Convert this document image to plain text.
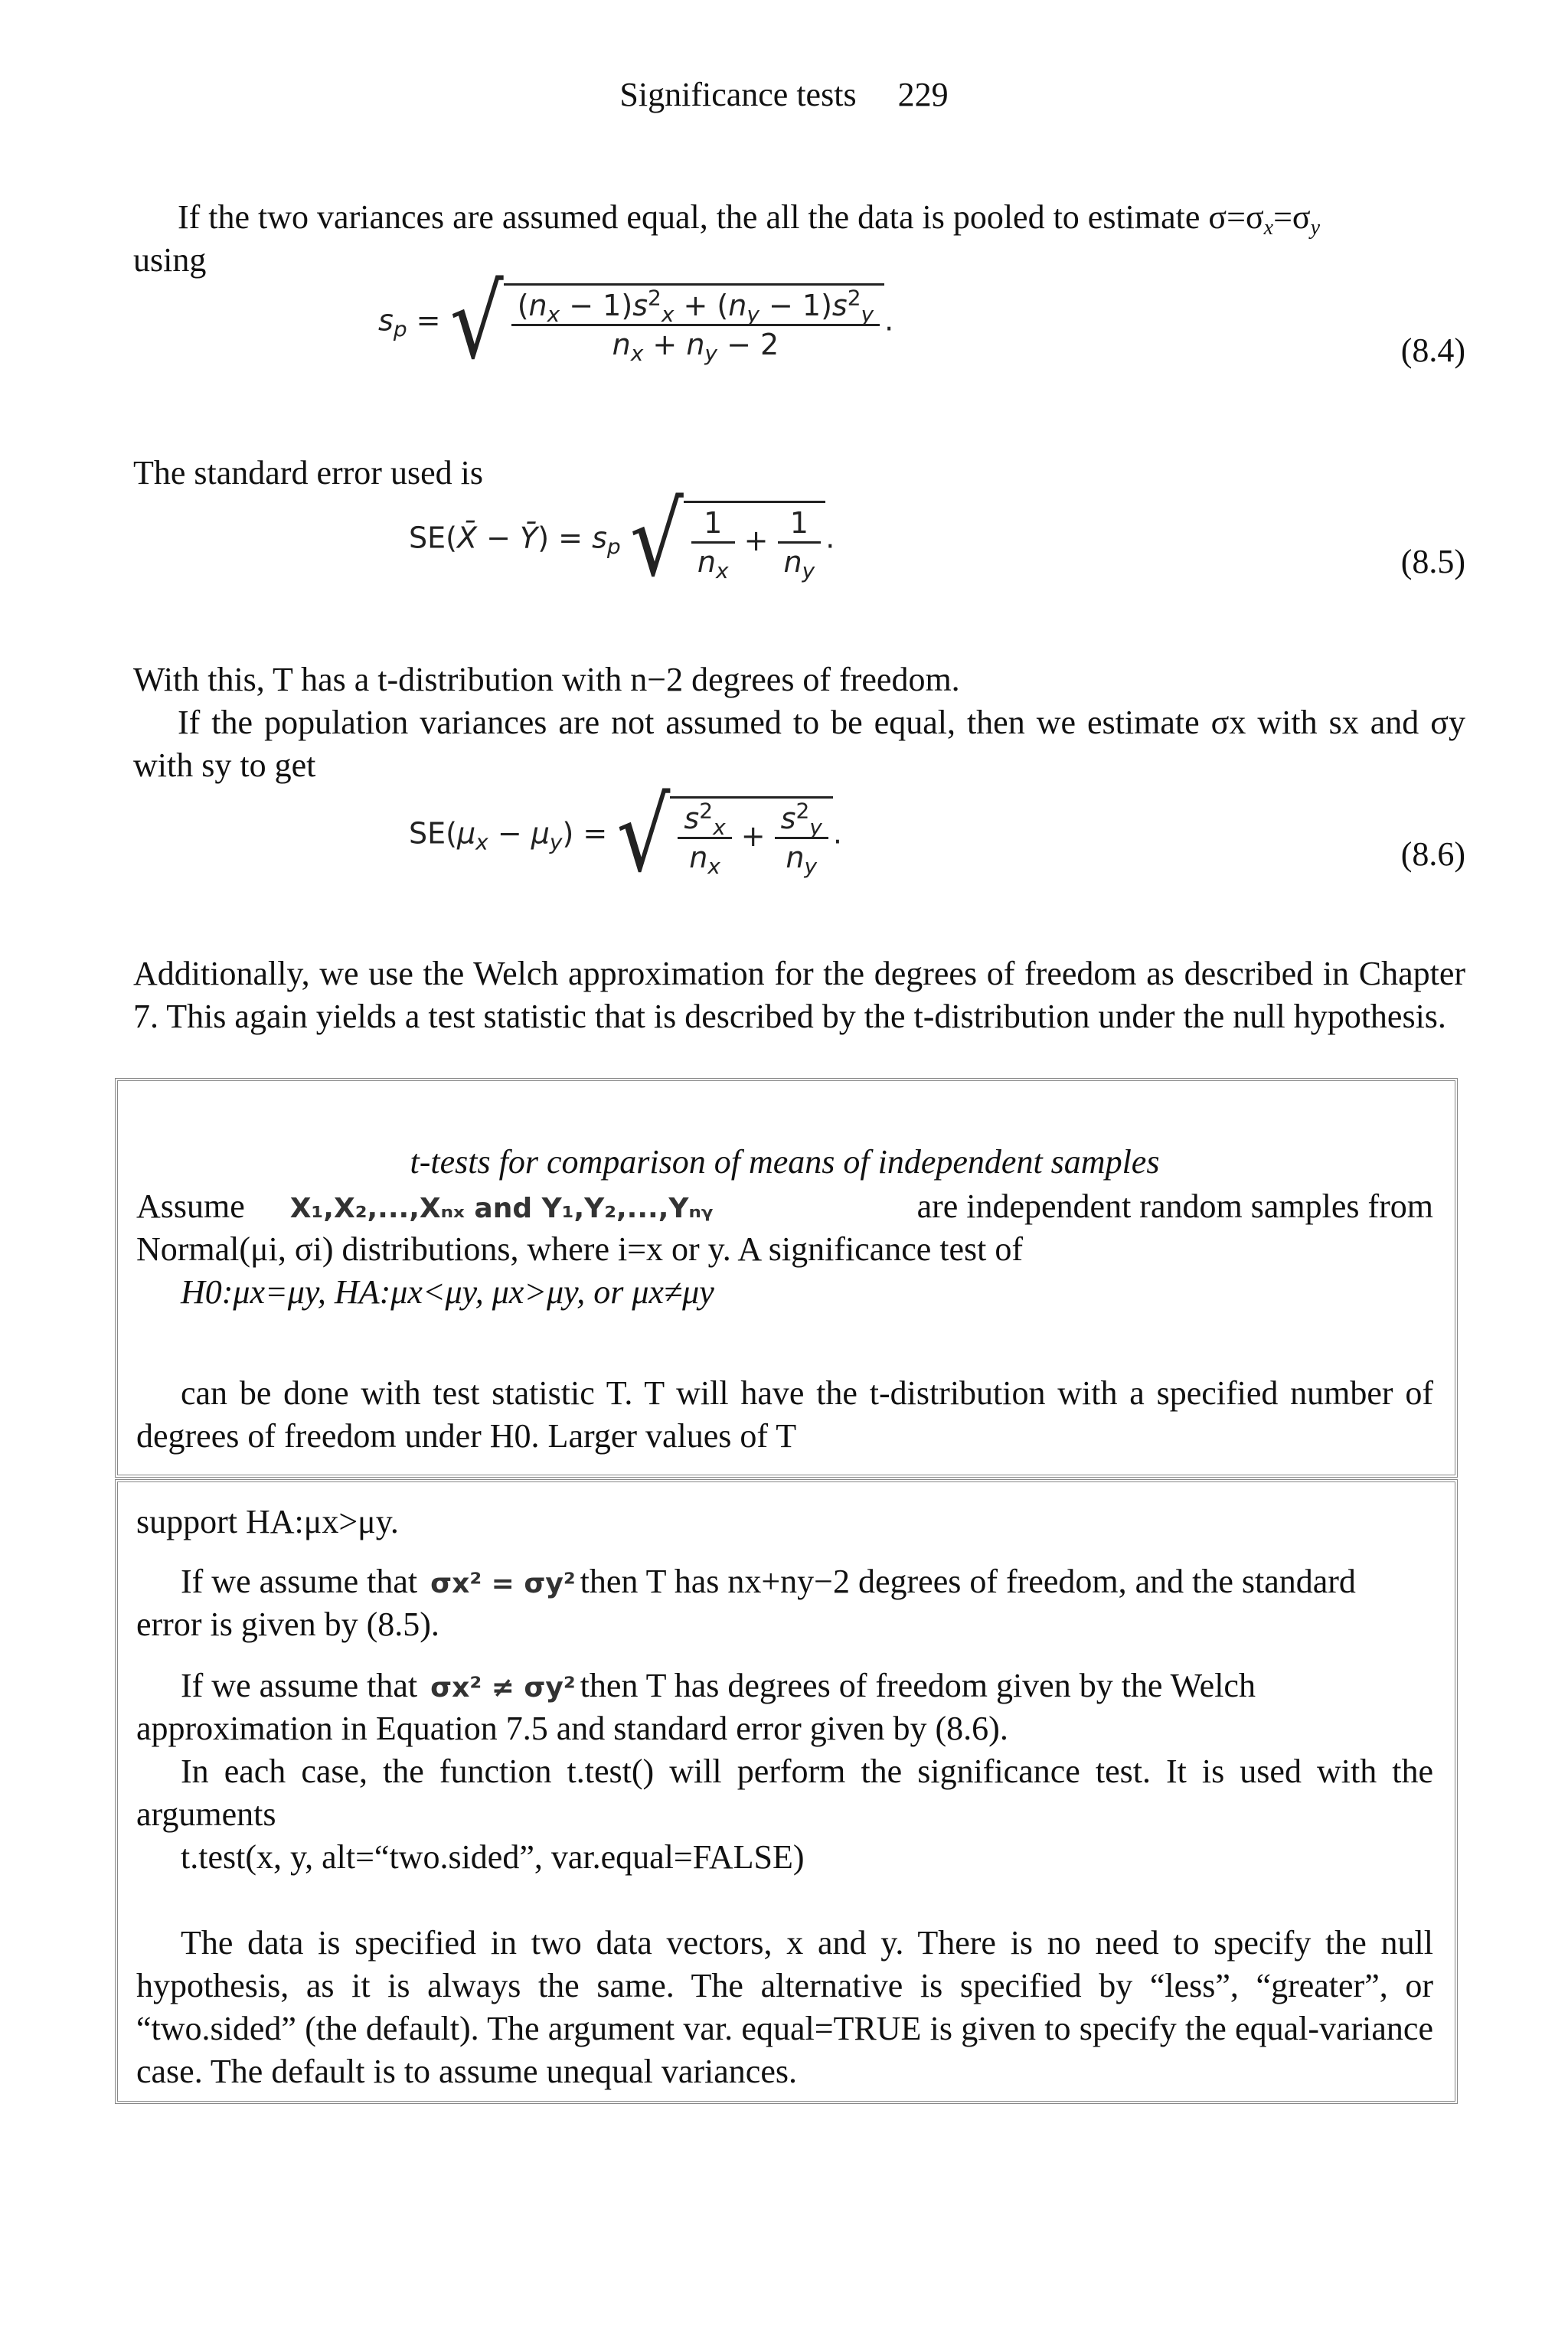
Significance tests 229

If the two variances are assumed equal, the all the data is pooled to estimate $\sigma=\sigma_x=\sigma_y$

using

$s_p$ = √ $\frac{(n_x - 1)s^2_x + (n_y - 1)s^2_y}{n_x + n_y - 2}$ .
(8.4)

The standard error used is

SE(X̄ − Ȳ) = $s_p$ √ $\frac{1}{n_x} + \frac{1}{n_y}$ .
(8.5)

With this, T has a t-distribution with n−2 degrees of freedom.

If the population variances are not assumed to be equal, then we estimate σx with sx and σy with sy to get

$SE(\mu_x - \mu_y)$ = √ $\frac{s^2_x}{n_x} + \frac{s^2_y}{n_y}$ .
(8.6)

Additionally, we use the Welch approximation for the degrees of freedom as described in Chapter 7. This again yields a test statistic that is described by the t-distribution under the null hypothesis.

t-tests for comparison of means of independent samples

Assume X₁,X₂,...,Xₙₓ and Y₁,Y₂,...,Yₙᵧ	are independent random samples from

Normal(μi, σi) distributions, where i=x or y. A significance test of

H0:μx=μy, HA:μx<μy, μx>μy, or μx≠μy

can be done with test statistic T. T will have the t-distribution with a specified number of degrees of freedom under H0. Larger values of T

support HA:μx>μy.

If we assume that σx² = σy² then T has nx+ny−2 degrees of freedom, and the standard

error is given by (8.5).

If we assume that σx² ≠ σy² then T has degrees of freedom given by the Welch

approximation in Equation 7.5 and standard error given by (8.6).

In each case, the function t.test() will perform the significance test. It is used with the arguments

t.test(x, y, alt=“two.sided”, var.equal=FALSE)

The data is specified in two data vectors, x and y. There is no need to specify the null hypothesis, as it is always the same. The alternative is specified by “less”, “greater”, or “two.sided” (the default). The argument var. equal=TRUE is given to specify the equal-variance case. The default is to assume unequal variances.
